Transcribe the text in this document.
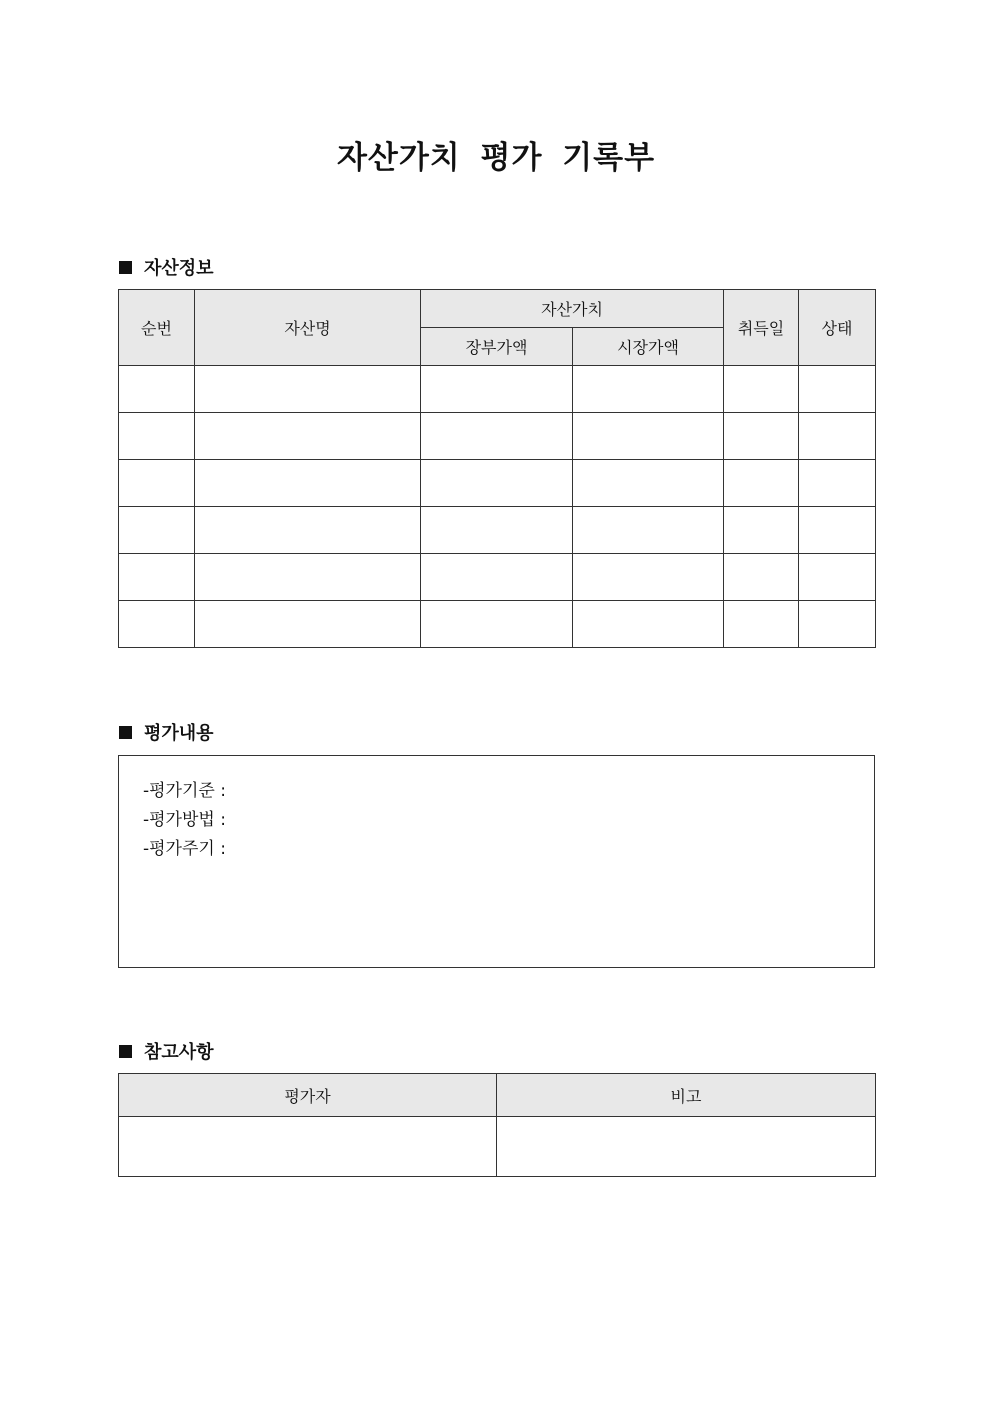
자산가치 평가 기록부
자산정보
순번	자산명	자산가치		취득일	상태
		장부가액	시장가액		

평가내용
-평가기준 :
-평가방법 :
-평가주기 :
참고사항
평가자	비고
